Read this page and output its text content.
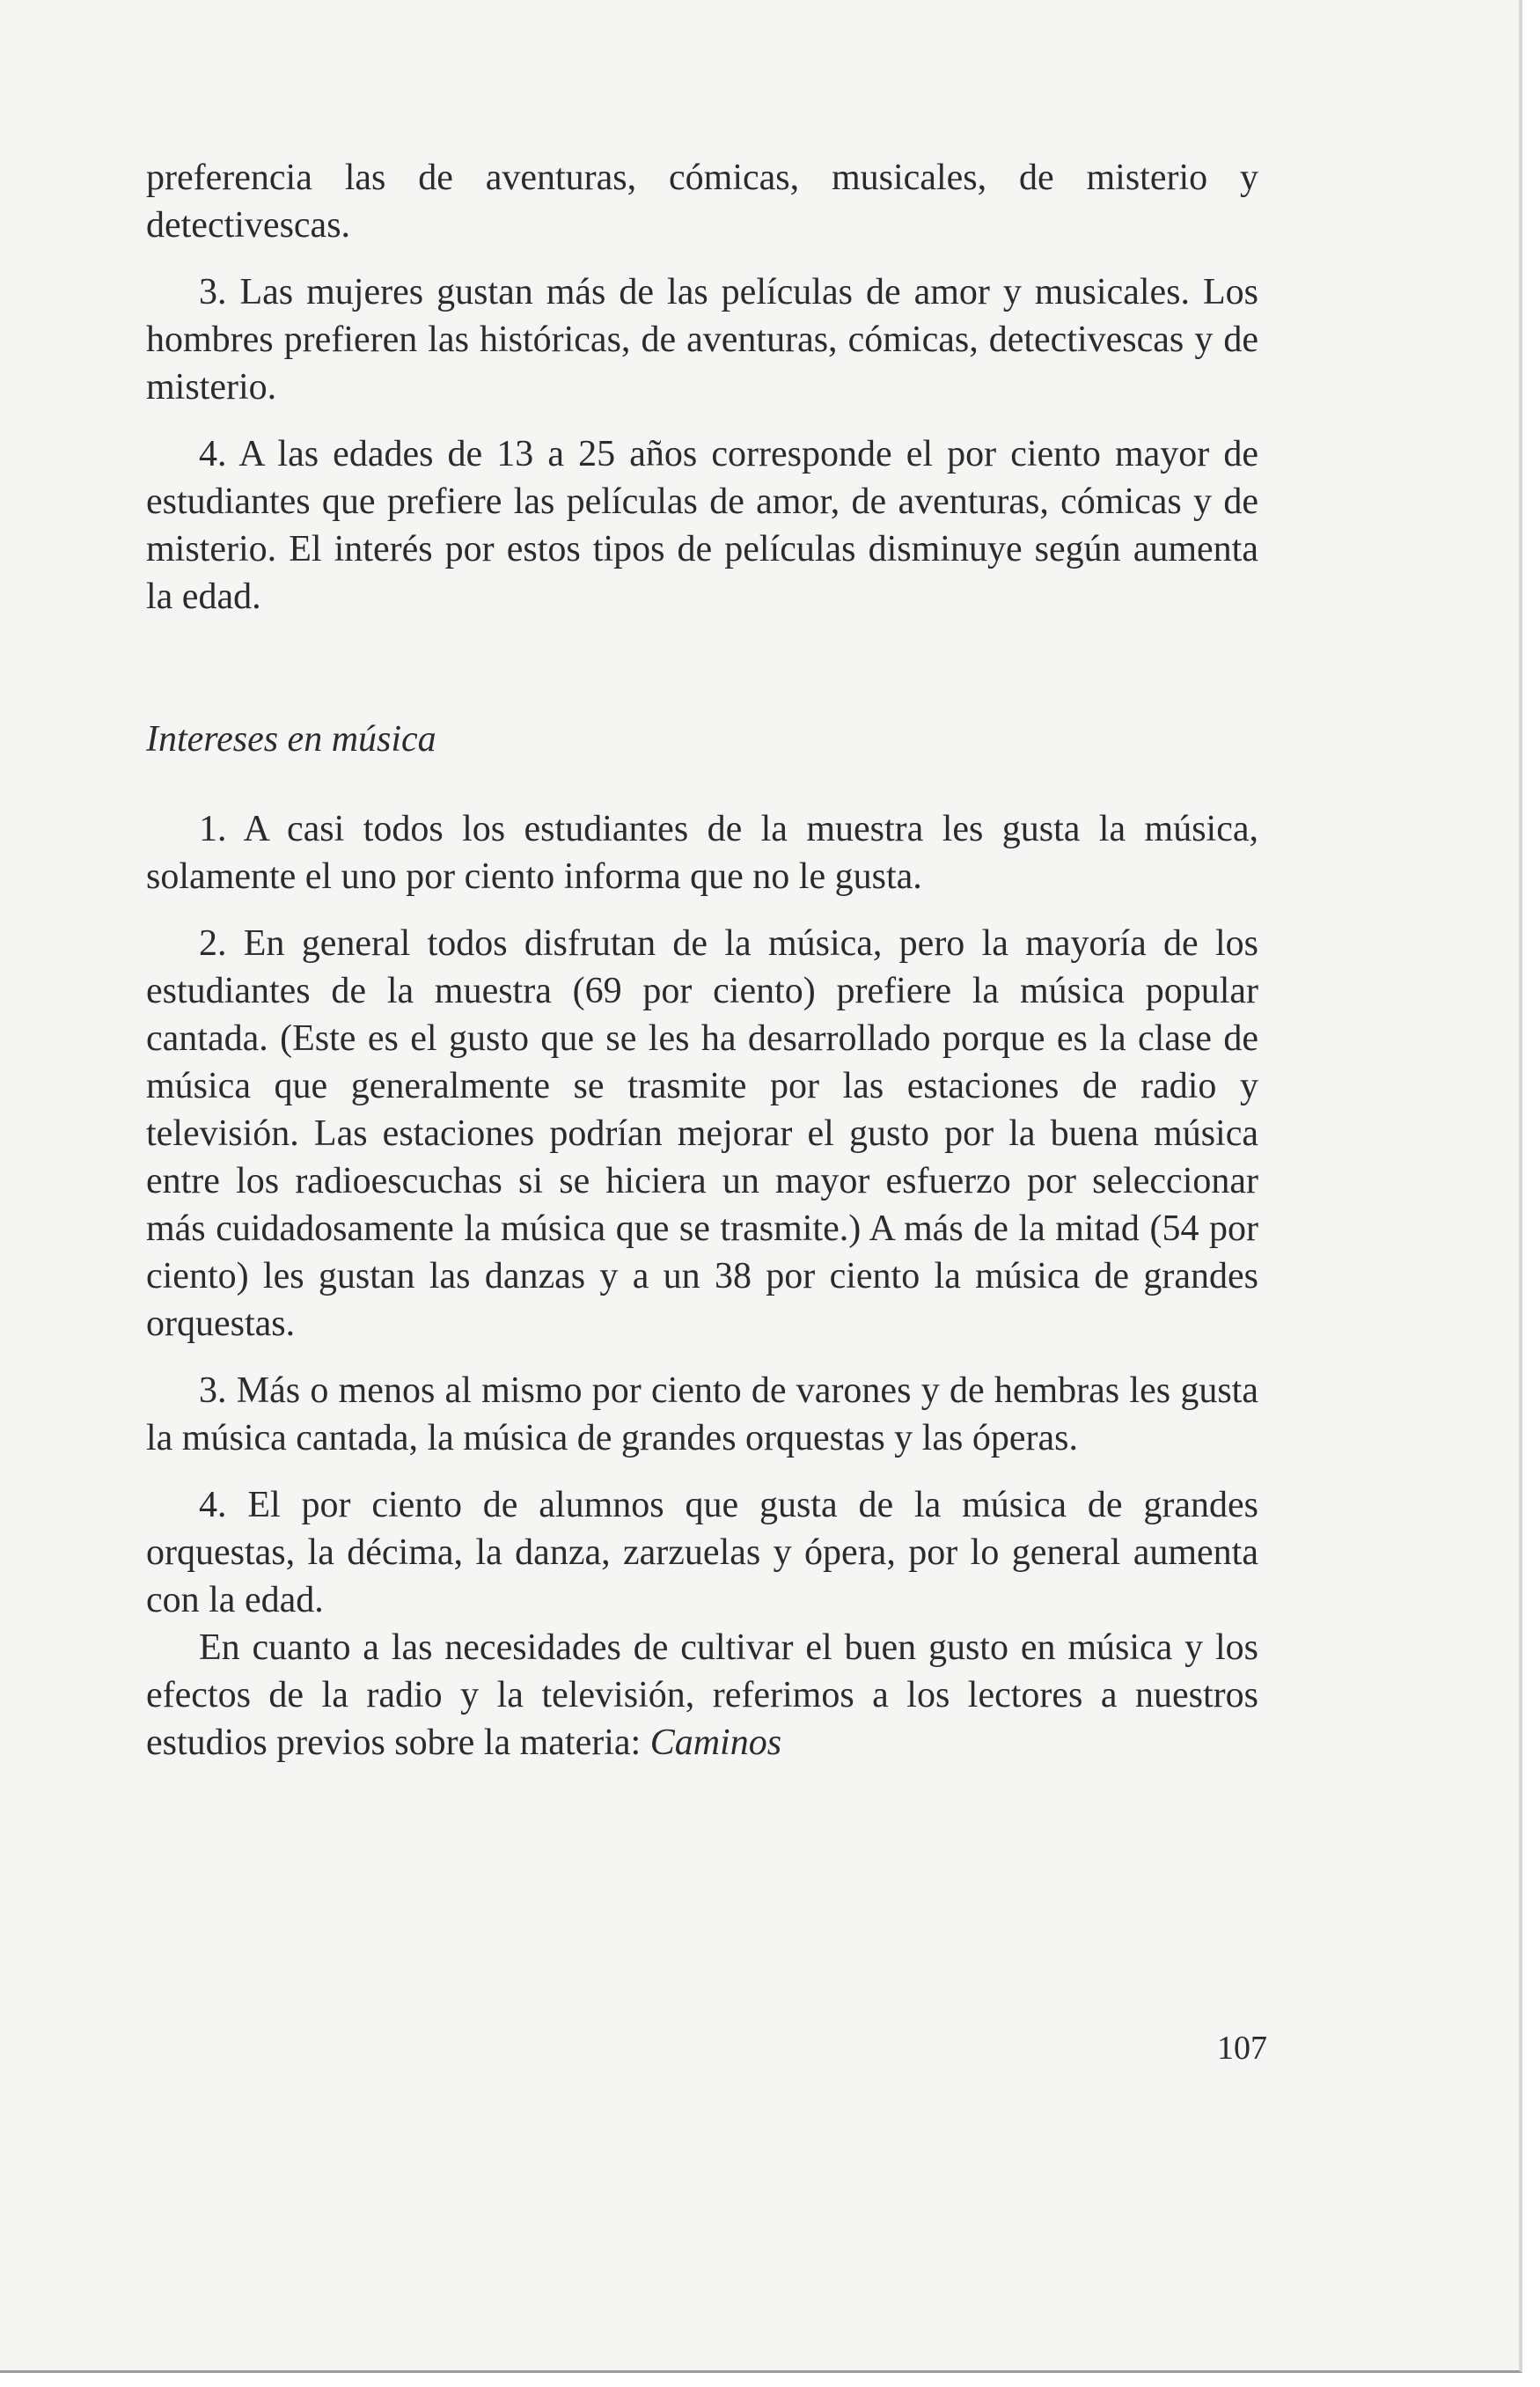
preferencia las de aventuras, cómicas, musicales, de misterio y detectivescas.

3. Las mujeres gustan más de las películas de amor y musicales. Los hombres prefieren las históricas, de aventuras, cómicas, detectivescas y de misterio.

4. A las edades de 13 a 25 años corresponde el por ciento mayor de estudiantes que prefiere las películas de amor, de aventuras, cómicas y de misterio. El interés por estos tipos de películas disminuye según aumenta la edad.

Intereses en música

1. A casi todos los estudiantes de la muestra les gusta la música, solamente el uno por ciento informa que no le gusta.

2. En general todos disfrutan de la música, pero la mayoría de los estudiantes de la muestra (69 por ciento) prefiere la música popular cantada. (Este es el gusto que se les ha desarrollado porque es la clase de música que generalmente se trasmite por las estaciones de radio y televisión. Las estaciones podrían mejorar el gusto por la buena música entre los radioescuchas si se hiciera un mayor esfuerzo por seleccionar más cuidadosamente la música que se trasmite.) A más de la mitad (54 por ciento) les gustan las danzas y a un 38 por ciento la música de grandes orquestas.

3. Más o menos al mismo por ciento de varones y de hembras les gusta la música cantada, la música de grandes orquestas y las óperas.

4. El por ciento de alumnos que gusta de la música de grandes orquestas, la décima, la danza, zarzuelas y ópera, por lo general aumenta con la edad.

En cuanto a las necesidades de cultivar el buen gusto en música y los efectos de la radio y la televisión, referimos a los lectores a nuestros estudios previos sobre la materia: Caminos

107
